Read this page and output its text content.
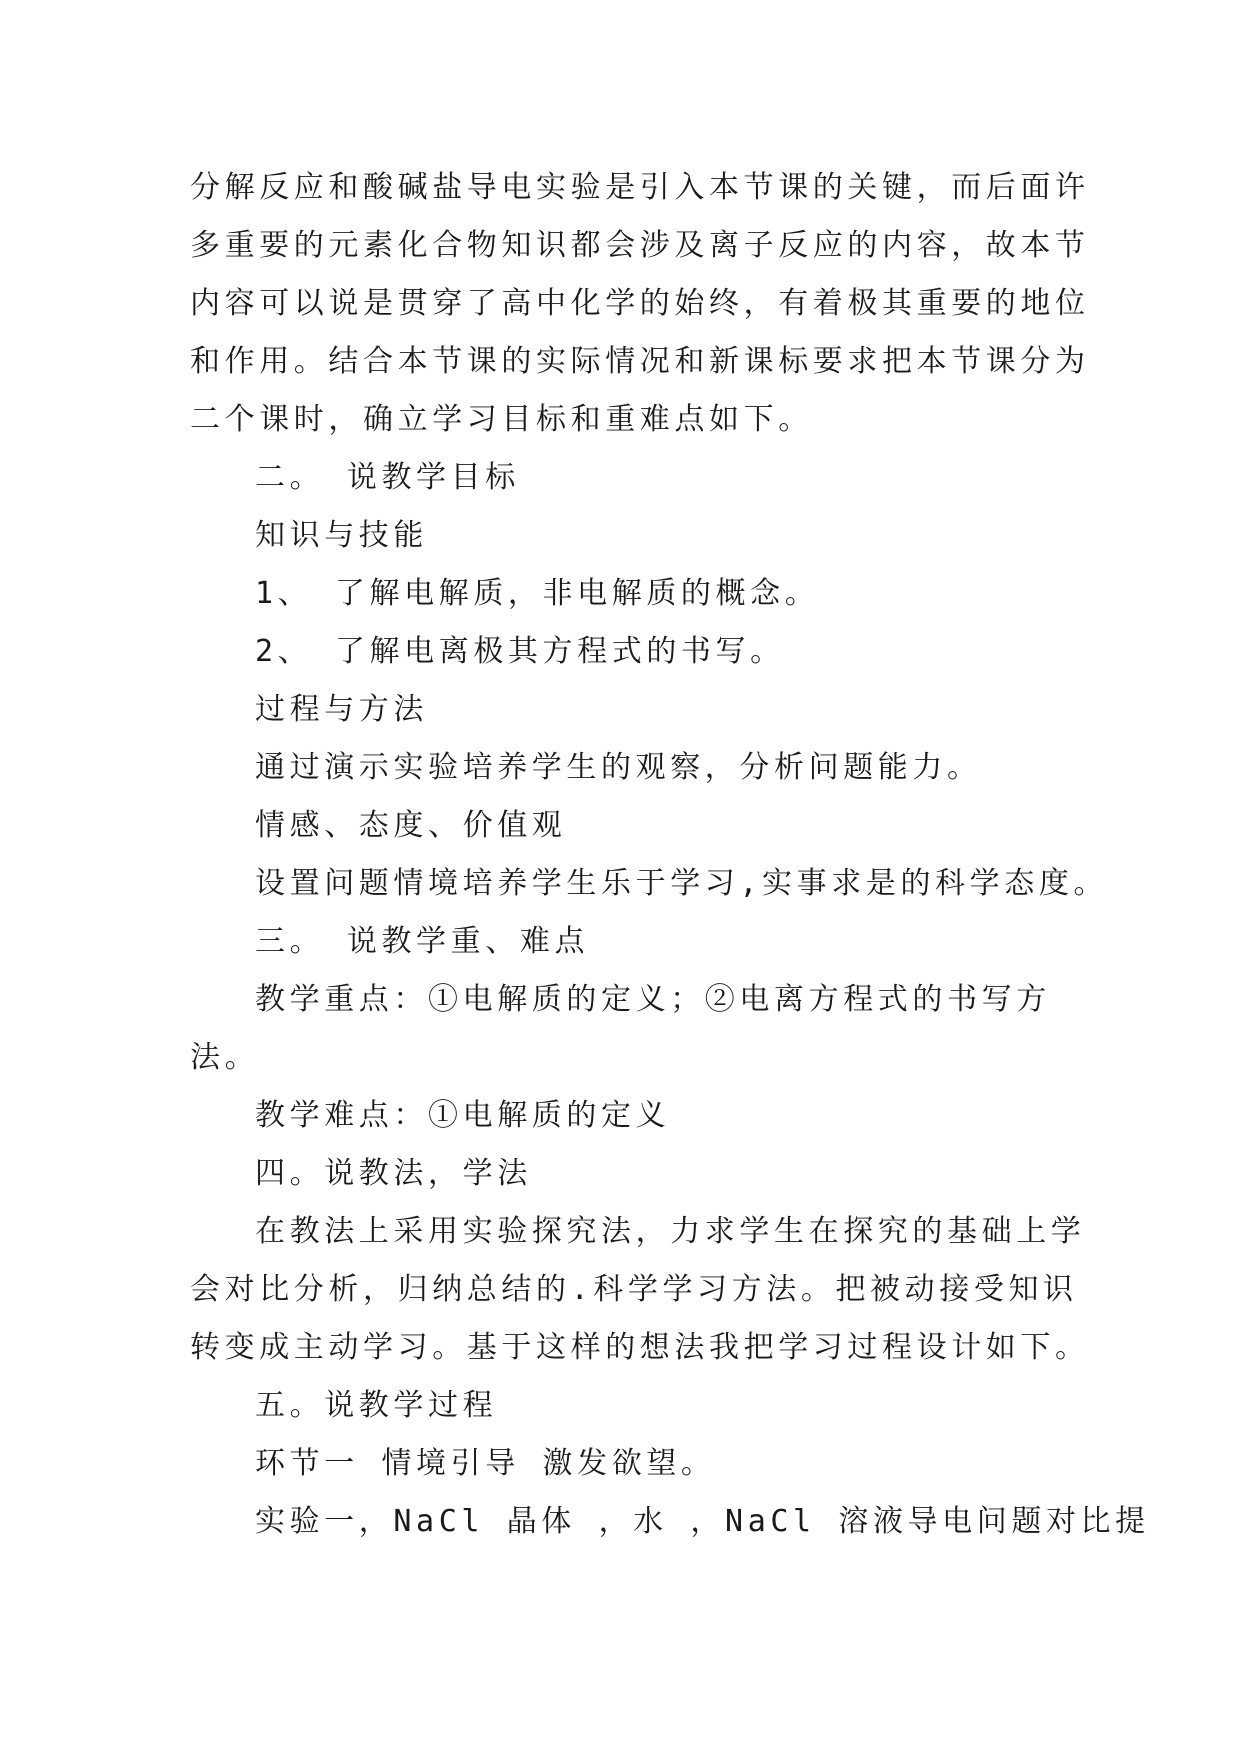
分解反应和酸碱盐导电实验是引入本节课的关键，而后面许
多重要的元素化合物知识都会涉及离子反应的内容，故本节
内容可以说是贯穿了高中化学的始终，有着极其重要的地位
和作用。结合本节课的实际情况和新课标要求把本节课分为
二个课时，确立学习目标和重难点如下。
二。 说教学目标
知识与技能
1、 了解电解质，非电解质的概念。
2、 了解电离极其方程式的书写。
过程与方法
通过演示实验培养学生的观察，分析问题能力。
情感、态度、价值观
设置问题情境培养学生乐于学习,实事求是的科学态度。
三。 说教学重、难点
教学重点：①电解质的定义；②电离方程式的书写方
法。
教学难点：①电解质的定义
四。说教法，学法
在教法上采用实验探究法，力求学生在探究的基础上学
会对比分析，归纳总结的.科学学习方法。把被动接受知识
转变成主动学习。基于这样的想法我把学习过程设计如下。
五。说教学过程
环节一 情境引导 激发欲望。
实验一，NaCl 晶体 ，水 ，NaCl 溶液导电问题对比提
